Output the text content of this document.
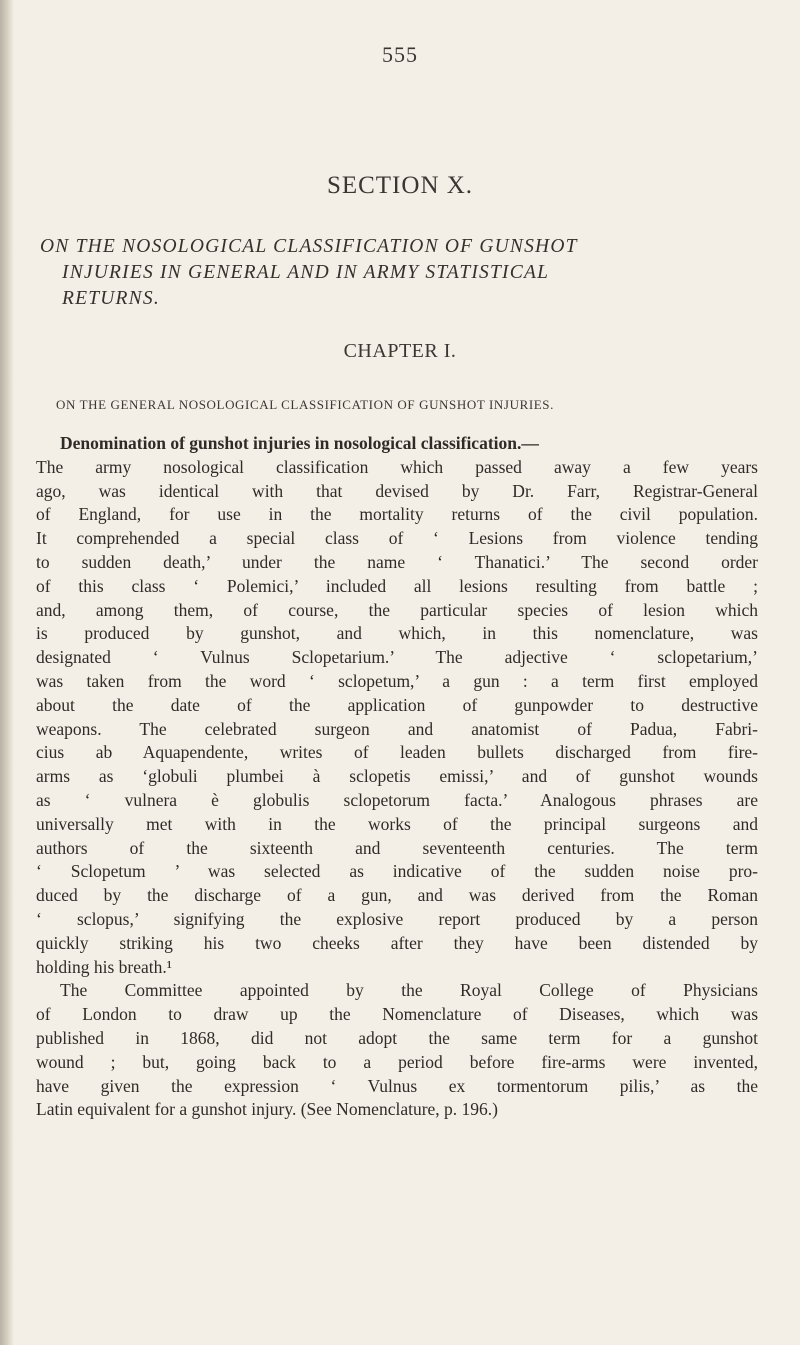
555
SECTION X.
ON THE NOSOLOGICAL CLASSIFICATION OF GUNSHOT
INJURIES IN GENERAL AND IN ARMY STATISTICAL
RETURNS.
CHAPTER I.
ON THE GENERAL NOSOLOGICAL CLASSIFICATION OF GUNSHOT INJURIES.
Denomination of gunshot injuries in nosological classification.—
The army nosological classification which passed away a few years
ago, was identical with that devised by Dr. Farr, Registrar-General
of England, for use in the mortality returns of the civil population.
It comprehended a special class of ‘ Lesions from violence tending
to sudden death,’ under the name ‘ Thanatici.’ The second order
of this class ‘ Polemici,’ included all lesions resulting from battle ;
and, among them, of course, the particular species of lesion which
is produced by gunshot, and which, in this nomenclature, was
designated ‘ Vulnus Sclopetarium.’ The adjective ‘ sclopetarium,’
was taken from the word ‘ sclopetum,’ a gun : a term first employed
about the date of the application of gunpowder to destructive
weapons. The celebrated surgeon and anatomist of Padua, Fabri-
cius ab Aquapendente, writes of leaden bullets discharged from fire-
arms as ‘globuli plumbei à sclopetis emissi,’ and of gunshot wounds
as ‘ vulnera è globulis sclopetorum facta.’ Analogous phrases are
universally met with in the works of the principal surgeons and
authors of the sixteenth and seventeenth centuries. The term
‘ Sclopetum ’ was selected as indicative of the sudden noise pro-
duced by the discharge of a gun, and was derived from the Roman
‘ sclopus,’ signifying the explosive report produced by a person
quickly striking his two cheeks after they have been distended by
holding his breath.¹
The Committee appointed by the Royal College of Physicians
of London to draw up the Nomenclature of Diseases, which was
published in 1868, did not adopt the same term for a gunshot
wound ; but, going back to a period before fire-arms were invented,
have given the expression ‘ Vulnus ex tormentorum pilis,’ as the
Latin equivalent for a gunshot injury. (See Nomenclature, p. 196.)
